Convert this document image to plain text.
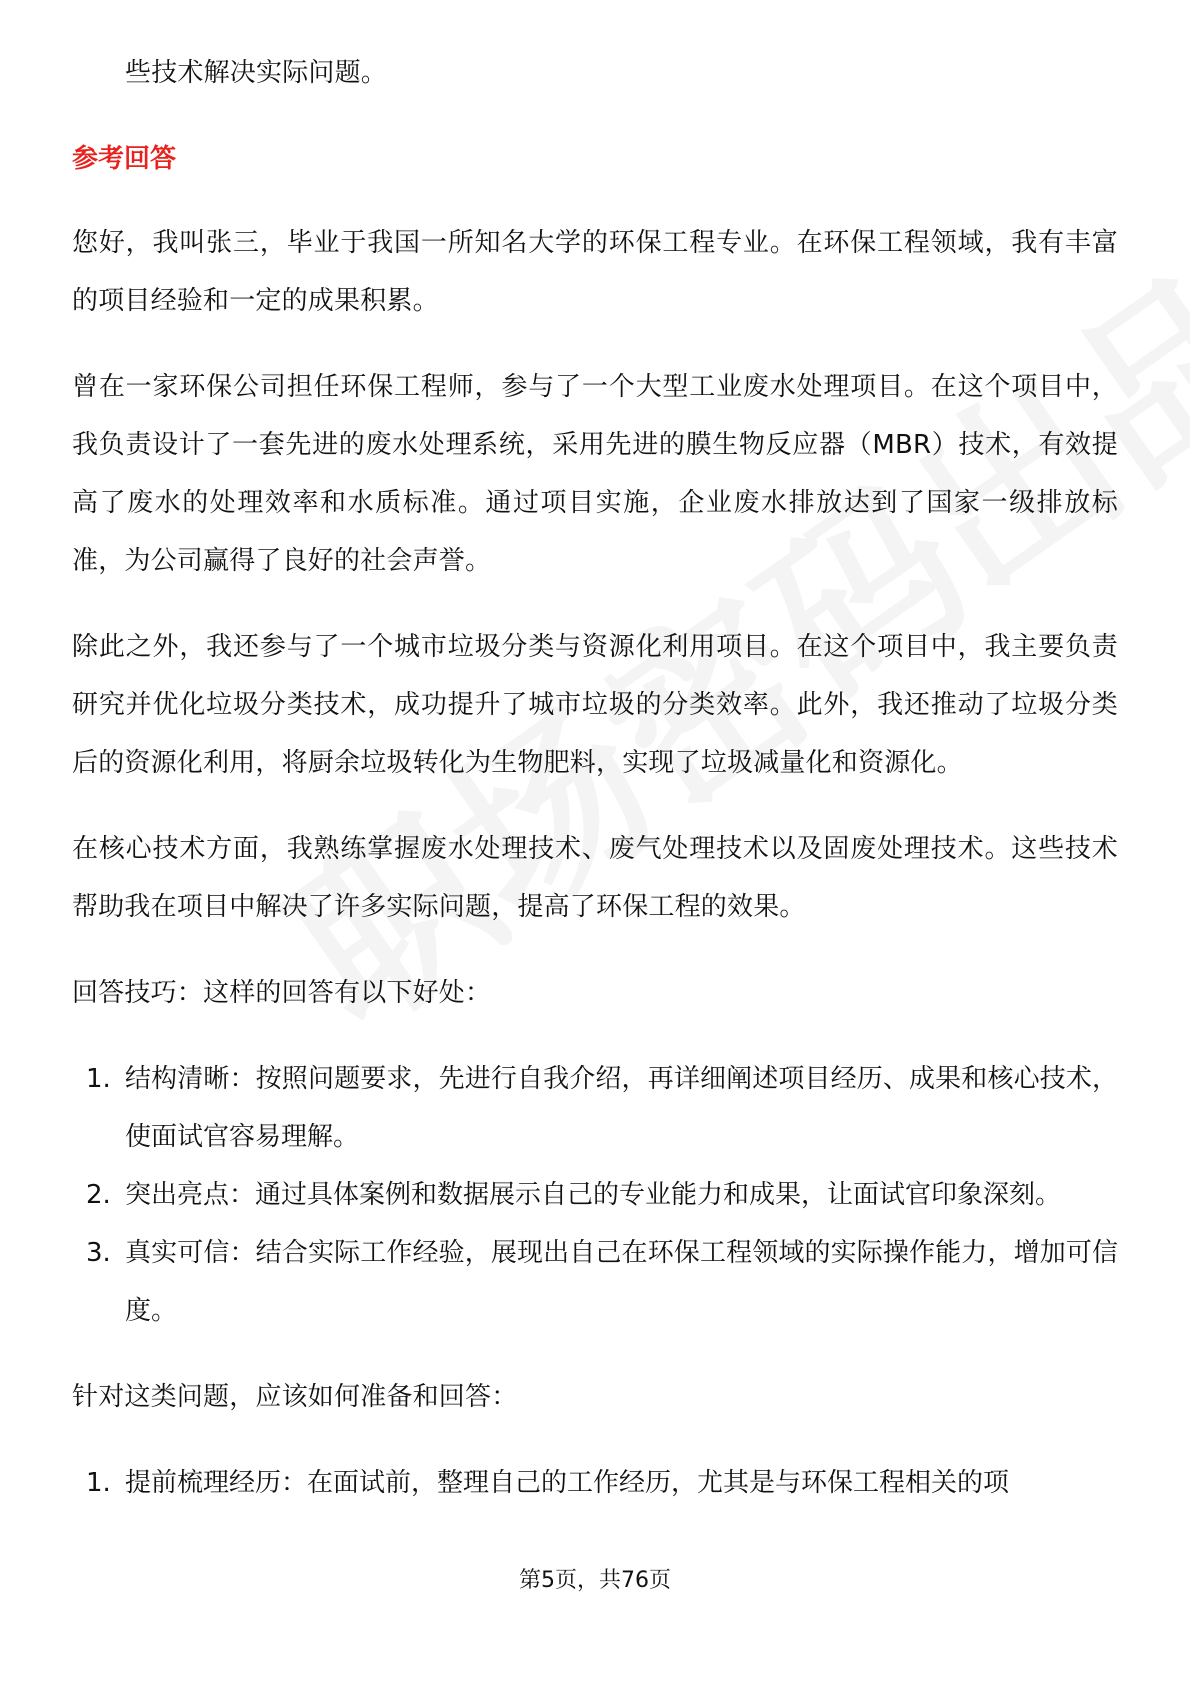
些技术解决实际问题。

参考回答

您好，我叫张三，毕业于我国一所知名大学的环保工程专业。在环保工程领域，我有丰富的项目经验和一定的成果积累。

曾在一家环保公司担任环保工程师，参与了一个大型工业废水处理项目。在这个项目中，我负责设计了一套先进的废水处理系统，采用先进的膜生物反应器（MBR）技术，有效提高了废水的处理效率和水质标准。通过项目实施，企业废水排放达到了国家一级排放标准，为公司赢得了良好的社会声誉。

除此之外，我还参与了一个城市垃圾分类与资源化利用项目。在这个项目中，我主要负责研究并优化垃圾分类技术，成功提升了城市垃圾的分类效率。此外，我还推动了垃圾分类后的资源化利用，将厨余垃圾转化为生物肥料，实现了垃圾减量化和资源化。

在核心技术方面，我熟练掌握废水处理技术、废气处理技术以及固废处理技术。这些技术帮助我在项目中解决了许多实际问题，提高了环保工程的效果。

回答技巧：这样的回答有以下好处：

1. 结构清晰：按照问题要求，先进行自我介绍，再详细阐述项目经历、成果和核心技术，使面试官容易理解。
2. 突出亮点：通过具体案例和数据展示自己的专业能力和成果，让面试官印象深刻。
3. 真实可信：结合实际工作经验，展现出自己在环保工程领域的实际操作能力，增加可信度。

针对这类问题，应该如何准备和回答：

1. 提前梳理经历：在面试前，整理自己的工作经历，尤其是与环保工程相关的项
第5页，共76页
